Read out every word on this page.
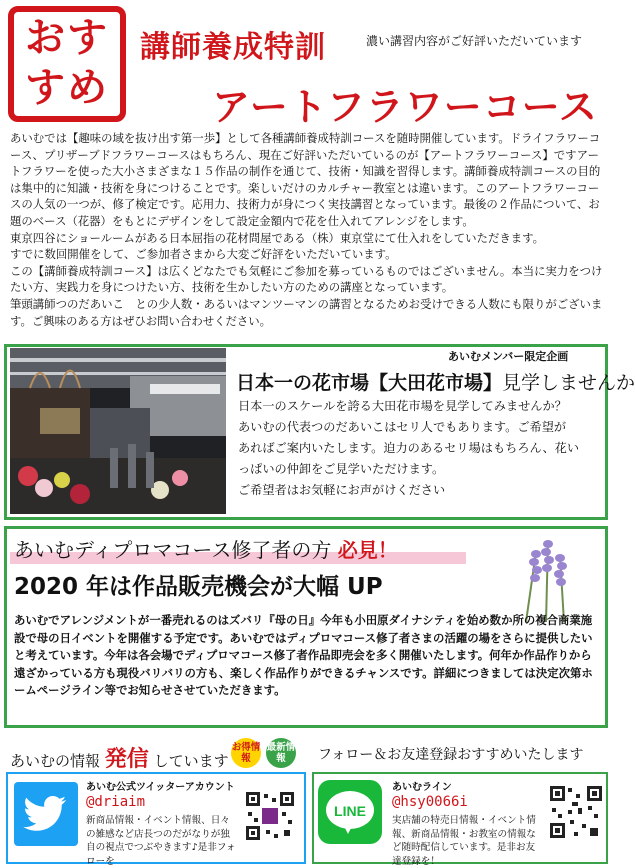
おす
すめ
講師養成特訓	濃い講習内容がご好評いただいています
アートフラワーコース

あいむでは【趣味の域を抜け出す第一歩】として各種講師養成特訓コースを随時開催しています。ドライフラワーコース、プリザーブドフラワーコースはもちろん、現在ご好評いただいているのが【アートフラワーコース】ですアートフラワーを使った大小さまざまな１５作品の制作を通じて、技術・知識を習得します。講師養成特訓コースの目的は集中的に知識・技術を身につけることです。楽しいだけのカルチャー教室とは違います。このアートフラワーコースの人気の一つが、修了検定です。応用力、技術力が身につく実技講習となっています。最後の２作品について、お題のベース（花器）をもとにデザインをして設定金額内で花を仕入れてアレンジをします。

東京四谷にショールームがある日本屈指の花材問屋である（株）東京堂にて仕入れをしていただきます。

すでに数回開催をして、ご参加者さまから大変ご好評をいただいています。

この【講師養成特訓コース】は広くどなたでも気軽にご参加を募っているものではございません。本当に実力をつけたい方、実践力を身につけたい方、技術を生かしたい方のための講座となっています。

筆頭講師つのだあいこ　との少人数・あるいはマンツーマンの講習となるためお受けできる人数にも限りがございます。ご興味のある方はぜひお問い合わせください。

あいむメンバー限定企画
日本一の花市場【大田花市場】見学しませんか
日本一のスケールを誇る大田花市場を見学してみませんか？
あいむの代表つのだあいこはセリ人でもあります。ご希望が
あればご案内いたします。迫力のあるセリ場はもちろん、花い
っぱいの仲卸をご見学いただけます。
ご希望者はお気軽にお声がけください
あいむディプロマコース修了者の方 必見！
2020 年は作品販売機会が大幅 UP
あいむでアレンジメントが一番売れるのはズバリ『母の日』今年も小田原ダイナシティを始め数か所の複合商業施設で母の日イベントを開催する予定です。あいむではディプロマコース修了者さまの活躍の場をさらに提供したいと考えています。今年は各会場でディプロマコース修了者作品即売会を多く開催いたします。何年か作品作りから遠ざかっている方も現役バリバリの方も、楽しく作品作りができるチャンスです。詳細につきましては決定次第ホームページライン等でお知らせさせていただきます。
あいむの情報 発信 しています
お得情報
最新情報	フォロー＆お友達登録おすすめいたします
あいむ公式ツイッターアカウント
@driaim
新商品情報・イベント情報、日々の雑感など店長つのだがなりが独自の視点でつぶやきます♪是非フォローを
LINE
あいむライン
@hsy0066i
実店舗の特売日情報・イベント情報、新商品情報・お教室の情報など随時配信しています。是非お友達登録を！
